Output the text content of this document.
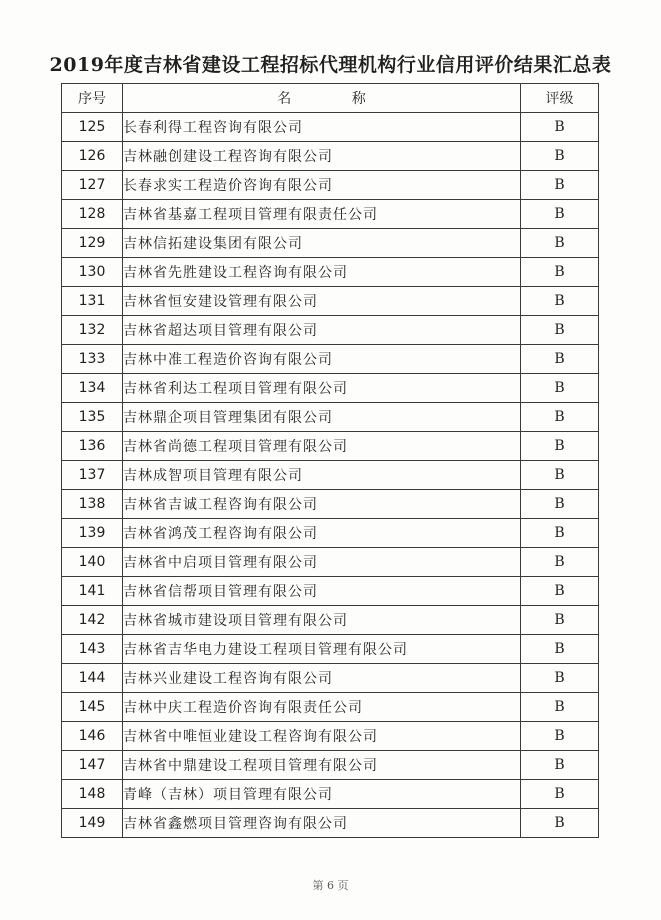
2019年度吉林省建设工程招标代理机构行业信用评价结果汇总表
序号	名 称	评级
125	长春利得工程咨询有限公司	B
126	吉林融创建设工程咨询有限公司	B
127	长春求实工程造价咨询有限公司	B
128	吉林省基嘉工程项目管理有限责任公司	B
129	吉林信拓建设集团有限公司	B
130	吉林省先胜建设工程咨询有限公司	B
131	吉林省恒安建设管理有限公司	B
132	吉林省超达项目管理有限公司	B
133	吉林中准工程造价咨询有限公司	B
134	吉林省利达工程项目管理有限公司	B
135	吉林鼎企项目管理集团有限公司	B
136	吉林省尚德工程项目管理有限公司	B
137	吉林成智项目管理有限公司	B
138	吉林省吉诚工程咨询有限公司	B
139	吉林省鸿茂工程咨询有限公司	B
140	吉林省中启项目管理有限公司	B
141	吉林省信帮项目管理有限公司	B
142	吉林省城市建设项目管理有限公司	B
143	吉林省吉华电力建设工程项目管理有限公司	B
144	吉林兴业建设工程咨询有限公司	B
145	吉林中庆工程造价咨询有限责任公司	B
146	吉林省中唯恒业建设工程咨询有限公司	B
147	吉林省中鼎建设工程项目管理有限公司	B
148	青峰（吉林）项目管理有限公司	B
149	吉林省鑫燃项目管理咨询有限公司	B
第 6 页
